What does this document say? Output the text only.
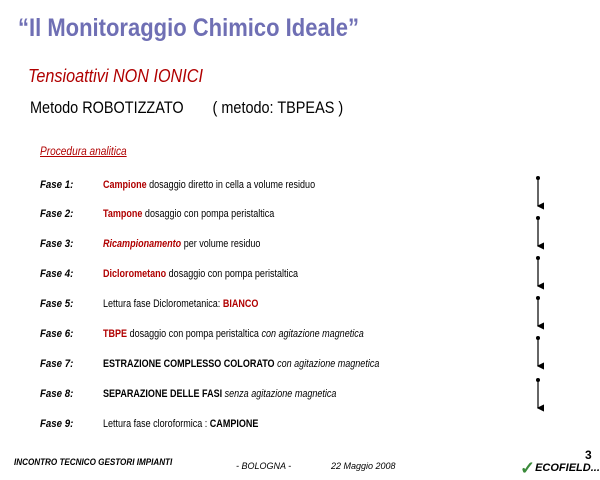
“Il Monitoraggio Chimico Ideale”
Tensioattivi NON IONICI
Metodo ROBOTIZZATO ( metodo: TBPEAS )
Procedura analitica
Fase 1:	Campione dosaggio diretto in cella a volume residuo
Fase 2:	Tampone dosaggio con pompa peristaltica
Fase 3:	Ricampionamento per volume residuo
Fase 4:	Diclorometano dosaggio con pompa peristaltica
Fase 5:	Lettura fase Diclorometanica: BIANCO
Fase 6:	TBPE dosaggio con pompa peristaltica con agitazione magnetica
Fase 7:	ESTRAZIONE COMPLESSO COLORATO con agitazione magnetica
Fase 8:	SEPARAZIONE DELLE FASI senza agitazione magnetica
Fase 9:	Lettura fase cloroformica : CAMPIONE
INCONTRO TECNICO GESTORI IMPIANTI	- BOLOGNA -	22 Maggio 2008	✓ECOFIELD...
3
